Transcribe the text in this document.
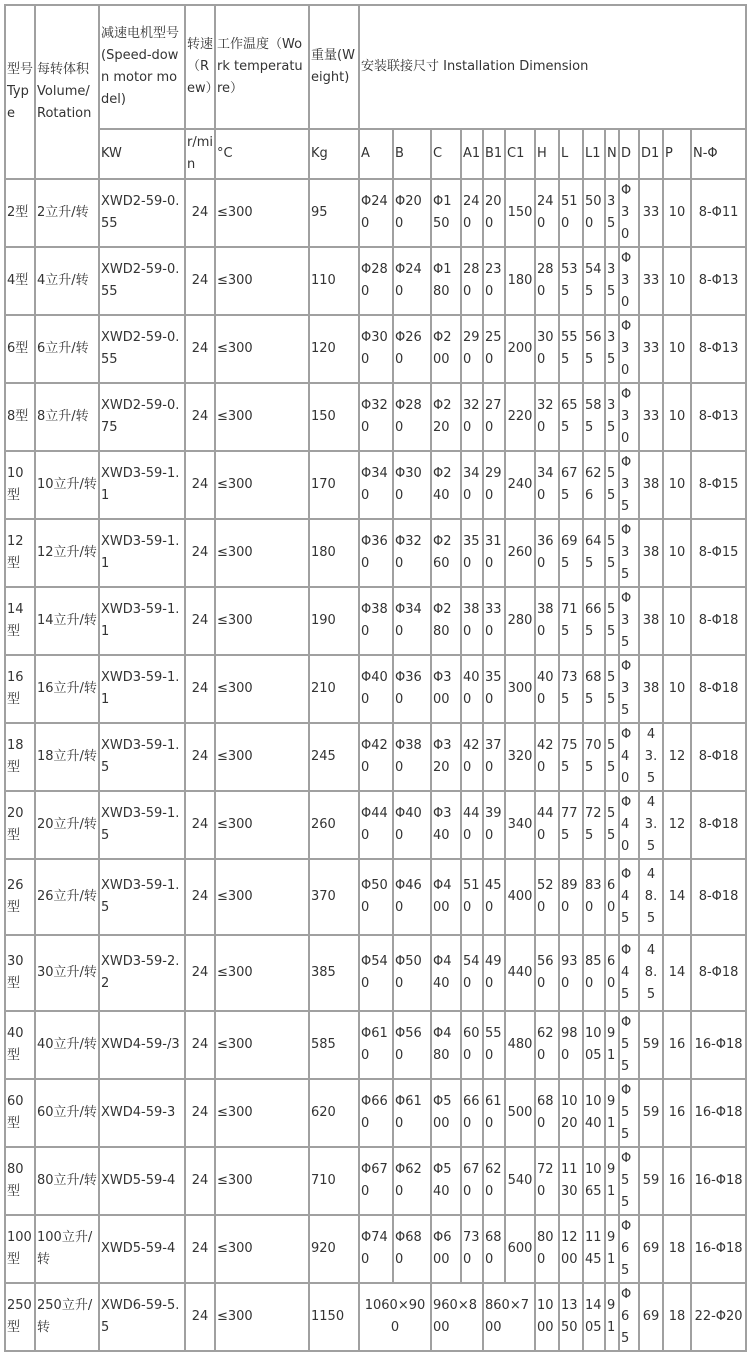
型号Type	每转体积Volume/Rotation	减速电机型号(Speed-down motor model)	转速（Rew）	工作温度（Work temperature）	重量(Weight)	安装联接尺寸 Installation Dimension													
		KW	r/min	°C	Kg	A	B	C	A1	B1	C1	H	L	L1	N	D	D1	P	N-Φ
2型	2立升/转	XWD2-59-0.55	24	≤300	95	Φ240	Φ200	Φ150	240	200	150	240	510	500	35	Φ30	33	10	8-Φ11
4型	4立升/转	XWD2-59-0.55	24	≤300	110	Φ280	Φ240	Φ180	280	230	180	280	535	545	35	Φ30	33	10	8-Φ13
6型	6立升/转	XWD2-59-0.55	24	≤300	120	Φ300	Φ260	Φ200	290	250	200	300	555	565	35	Φ30	33	10	8-Φ13
8型	8立升/转	XWD2-59-0.75	24	≤300	150	Φ320	Φ280	Φ220	320	270	220	320	655	585	35	Φ30	33	10	8-Φ13
10型	10立升/转	XWD3-59-1.1	24	≤300	170	Φ340	Φ300	Φ240	340	290	240	340	675	626	55	Φ35	38	10	8-Φ15
12型	12立升/转	XWD3-59-1.1	24	≤300	180	Φ360	Φ320	Φ260	350	310	260	360	695	645	55	Φ35	38	10	8-Φ15
14型	14立升/转	XWD3-59-1.1	24	≤300	190	Φ380	Φ340	Φ280	380	330	280	380	715	665	55	Φ35	38	10	8-Φ18
16型	16立升/转	XWD3-59-1.1	24	≤300	210	Φ400	Φ360	Φ300	400	350	300	400	735	685	55	Φ35	38	10	8-Φ18
18型	18立升/转	XWD3-59-1.5	24	≤300	245	Φ420	Φ380	Φ320	420	370	320	420	755	705	55	Φ40	43.5	12	8-Φ18
20型	20立升/转	XWD3-59-1.5	24	≤300	260	Φ440	Φ400	Φ340	440	390	340	440	775	725	55	Φ40	43.5	12	8-Φ18
26型	26立升/转	XWD3-59-1.5	24	≤300	370	Φ500	Φ460	Φ400	510	450	400	520	890	830	60	Φ45	48.5	14	8-Φ18
30型	30立升/转	XWD3-59-2.2	24	≤300	385	Φ540	Φ500	Φ440	540	490	440	560	930	850	60	Φ45	48.5	14	8-Φ18
40型	40立升/转	XWD4-59-/3	24	≤300	585	Φ610	Φ560	Φ480	600	550	480	620	980	1005	91	Φ55	59	16	16-Φ18
60型	60立升/转	XWD4-59-3	24	≤300	620	Φ660	Φ610	Φ500	660	610	500	680	1020	1040	91	Φ55	59	16	16-Φ18
80型	80立升/转	XWD5-59-4	24	≤300	710	Φ670	Φ620	Φ540	670	620	540	720	1130	1065	91	Φ55	59	16	16-Φ18
100型	100立升/转	XWD5-59-4	24	≤300	920	Φ740	Φ680	Φ600	730	680	600	800	1200	1145	91	Φ65	69	18	16-Φ18
250型	250立升/转	XWD6-59-5.5	24	≤300	1150	1060×900		960×800		860×700		1000	1350	1405	91	Φ65	69	18	22-Φ20
